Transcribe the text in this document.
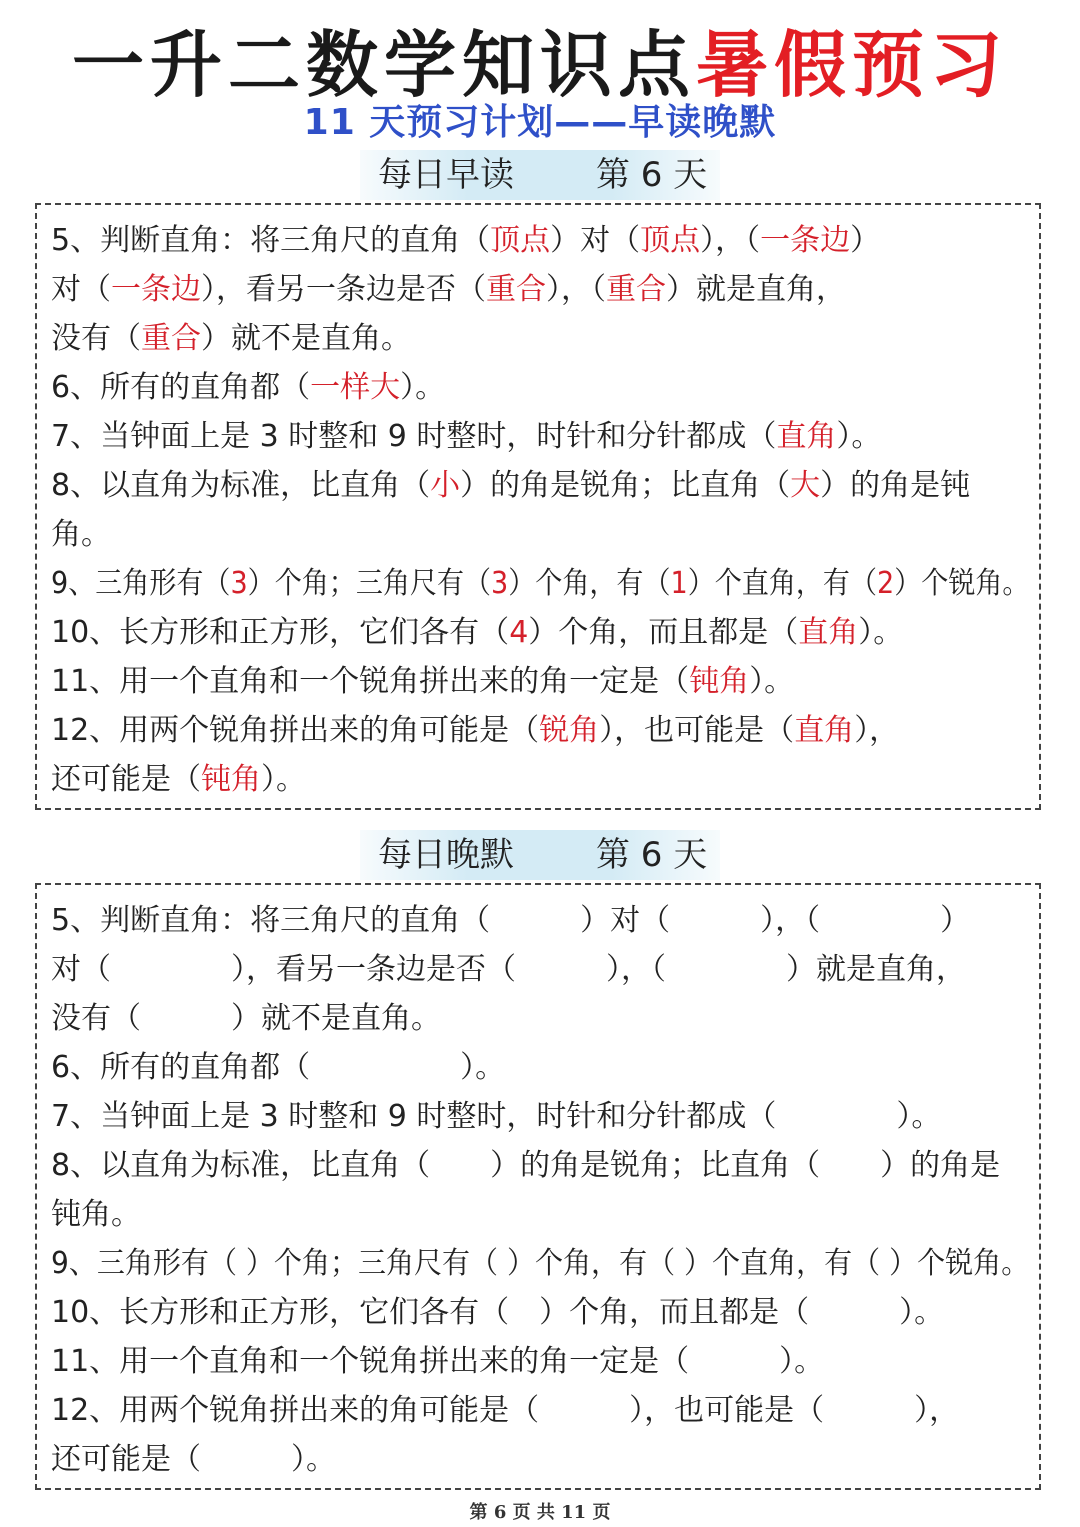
一升二数学知识点暑假预习
11 天预习计划——早读晚默
每日早读 第 6 天
5、判断直角：将三角尺的直角（顶点）对（顶点），（一条边）
对（一条边），看另一条边是否（重合），（重合）就是直角，
没有（重合）就不是直角。
6、所有的直角都（一样大）。
7、当钟面上是 3 时整和 9 时整时，时针和分针都成（直角）。
8、以直角为标准，比直角（小）的角是锐角；比直角（大）的角是钝
角。
9、三角形有（3）个角；三角尺有（3）个角，有（1）个直角，有（2）个锐角。
10、长方形和正方形，它们各有（4）个角，而且都是（直角）。
11、用一个直角和一个锐角拼出来的角一定是（钝角）。
12、用两个锐角拼出来的角可能是（锐角），也可能是（直角），
还可能是（钝角）。
每日晚默 第 6 天
5、判断直角：将三角尺的直角（　　　）对（　　　），（　　　　）
对（　　　　），看另一条边是否（　　　），（　　　　）就是直角，
没有（　　　）就不是直角。
6、所有的直角都（　　　　　）。
7、当钟面上是 3 时整和 9 时整时，时针和分针都成（　　　　）。
8、以直角为标准，比直角（　　）的角是锐角；比直角（　　）的角是
钝角。
9、三角形有（ ）个角；三角尺有（ ）个角，有（ ）个直角，有（ ）个锐角。
10、长方形和正方形，它们各有（　）个角，而且都是（　　　）。
11、用一个直角和一个锐角拼出来的角一定是（　　　）。
12、用两个锐角拼出来的角可能是（　　　），也可能是（　　　），
还可能是（　　　）。
第 6 页 共 11 页
